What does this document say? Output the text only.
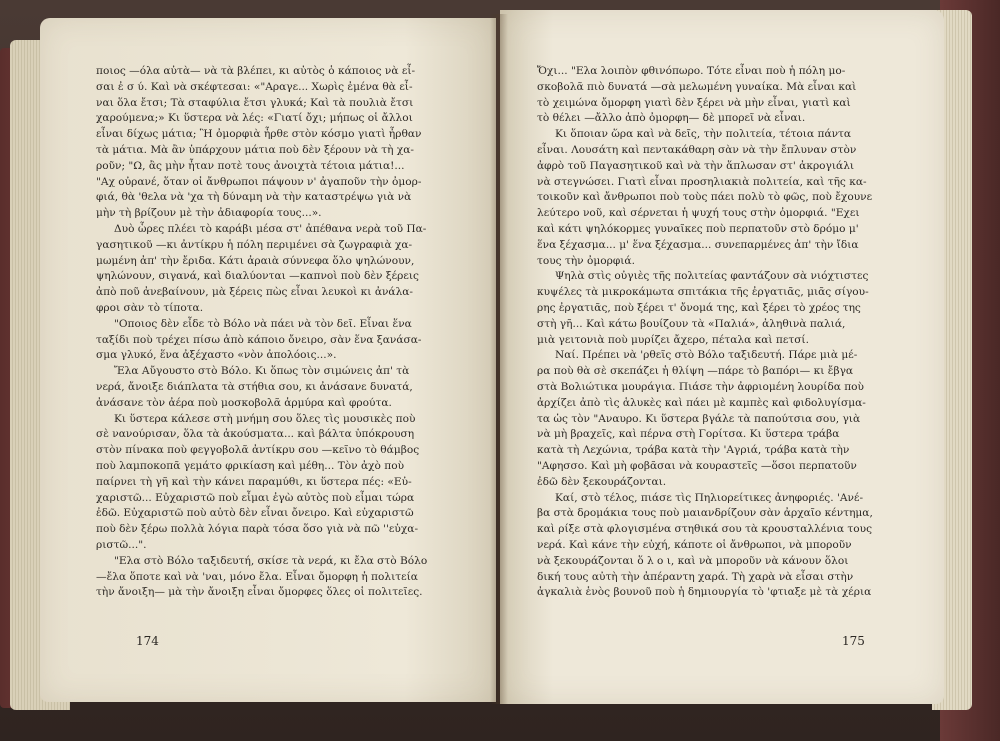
ποιος —όλα αὐτὰ— νὰ τὰ βλέπει, κι αὐτὸς ὁ κάποιος νὰ εἶ-

σαι ἐ σ ύ. Καὶ νὰ σκέφτεσαι: «"Αραγε... Χωρὶς ἐμένα θὰ εἶ-

ναι ὅλα ἔτσι; Τὰ σταφύλια ἔτσι γλυκά; Καὶ τὰ πουλιὰ ἔτσι

χαρούμενα;» Κι ὕστερα νὰ λές: «Γιατί ὄχι; μήπως οἱ ἄλλοι

εἶναι δίχως μάτια; Ἢ ὀμορφιὰ ἦρθε στὸν κόσμο γιατὶ ἦρθαν

τὰ μάτια. Μὰ ἂν ὑπάρχουν μάτια ποὺ δὲν ξέρουν νὰ τὴ χα-

ροῦν; "Ω, ἂς μὴν ἦταν ποτὲ τους ἀνοιχτὰ τέτοια μάτια!...

"Αχ οὐρανέ, ὅταν οἱ ἄνθρωποι πάψουν ν' ἀγαποῦν τὴν ὀμορ-

φιά, θὰ 'θελα νὰ 'χα τὴ δύναμη νὰ τὴν καταστρέψω γιὰ νὰ

μὴν τὴ βρίζουν μὲ τὴν ἀδιαφορία τους...».

Δυὸ ὧρες πλέει τὸ καράβι μέσα στ' ἀπέθανα νερὰ τοῦ Πα-

γασητικοῦ —κι ἀντίκρυ ἡ πόλη περιμένει σὰ ζωγραφιὰ χα-

μωμένη ἀπ' τὴν ἔριδα. Κάτι ἀραιὰ σύννεφα ὅλο ψηλώνουν,

ψηλώνουν, σιγανά, καὶ διαλύονται —καπνοὶ ποὺ δὲν ξέρεις

ἀπὸ ποῦ ἀνεβαίνουν, μὰ ξέρεις πὼς εἶναι λευκοὶ κι ἀνάλα-

φροι σὰν τὸ τίποτα.

"Οποιος δὲν εἶδε τὸ Βόλο νὰ πάει νὰ τὸν δεῖ. Εἶναι ἕνα

ταξίδι ποὺ τρέχει πίσω ἀπὸ κάποιο ὄνειρο, σὰν ἕνα ξανάσα-

σμα γλυκό, ἕνα ἀξέχαστο «νὸν ἀπολόοις...».

Ἔλα Αὔγουστο στὸ Βόλο. Κι ὅπως τὸν σιμώνεις ἀπ' τὰ

νερά, ἄνοιξε διάπλατα τὰ στήθια σου, κι ἀνάσανε δυνατά,

ἀνάσανε τὸν ἀέρα ποὺ μοσκοβολᾶ ἁρμύρα καὶ φρούτα.

Κι ὕστερα κάλεσε στὴ μνήμη σου ὅλες τὶς μουσικὲς ποὺ

σὲ νανούρισαν, ὅλα τὰ ἀκούσματα... καὶ βάλτα ὑπόκρουση

στὸν πίνακα ποὺ φεγγοβολᾶ ἀντίκρυ σου —κεῖνο τὸ θάμβος

ποὺ λαμποκοπᾶ γεμάτο φρικίαση καὶ μέθη... Τὸν ἀχὸ ποὺ

παίρνει τὴ γῆ καὶ τὴν κάνει παραμύθι, κι ὕστερα πές: «Εὐ-

χαριστῶ... Εὐχαριστῶ ποὺ εἶμαι ἐγὼ αὐτὸς ποὺ εἶμαι τώρα

ἐδῶ. Εὐχαριστῶ ποὺ αὐτὸ δὲν εἶναι ὄνειρο. Καὶ εὐχαριστῶ

ποὺ δὲν ξέρω πολλὰ λόγια παρὰ τόσα ὅσο γιὰ νὰ πῶ ''εὐχα-

ριστῶ...".

"Ελα στὸ Βόλο ταξιδευτή, σκίσε τὰ νερά, κι ἔλα στὸ Βόλο

—ἔλα ὅποτε καὶ νὰ 'ναι, μόνο ἔλα. Εἶναι ὄμορφη ἡ πολιτεία

τὴν ἄνοιξη— μὰ τὴν ἄνοιξη εἶναι ὄμορφες ὅλες οἱ πολιτεῖες.

Ὄχι... "Ελα λοιπὸν φθινόπωρο. Τότε εἶναι ποὺ ἡ πόλη μο-

σκοβολᾶ πιὸ δυνατά —σὰ μελωμένη γυναίκα. Μὰ εἶναι καὶ

τὸ χειμώνα ὄμορφη γιατὶ δὲν ξέρει νὰ μὴν εἶναι, γιατὶ καὶ

τὸ θέλει —ἄλλο ἀπὸ ὀμορφη— δὲ μπορεῖ νὰ εἶναι.

Κι ὅποιαν ὥρα καὶ νὰ δεῖς, τὴν πολιτεία, τέτοια πάντα

εἶναι. Λουσάτη καὶ πεντακάθαρη σὰν νὰ τὴν ἔπλυναν στὸν

ἀφρὸ τοῦ Παγασητικοῦ καὶ νὰ τὴν ἅπλωσαν στ' ἀκρογιάλι

νὰ στεγνώσει. Γιατὶ εἶναι προσηλιακιὰ πολιτεία, καὶ τῆς κα-

τοικοῦν καὶ ἄνθρωποι ποὺ τοὺς πάει πολὺ τὸ φῶς, ποὺ ἔχουνε

λεύτερο νοῦ, καὶ σέρνεται ἡ ψυχή τους στὴν ὀμορφιά. "Εχει

καὶ κάτι ψηλόκορμες γυναῖκες ποὺ περπατοῦν στὸ δρόμο μ'

ἕνα ξέχασμα... μ' ἕνα ξέχασμα... συνεπαρμένες ἀπ' τὴν ἴδια

τους τὴν ὀμορφιά.

Ψηλὰ στὶς οὐγιὲς τῆς πολιτείας φαντάζουν σὰ νιόχτιστες

κυψέλες τὰ μικροκάμωτα σπιτάκια τῆς ἐργατιᾶς, μιᾶς σίγου-

ρης ἐργατιᾶς, ποὺ ξέρει τ' ὄνομά της, καὶ ξέρει τὸ χρέος της

στὴ γῆ... Καὶ κάτω βουίζουν τὰ «Παλιά», ἀληθινὰ παλιά,

μιὰ γειτονιὰ ποὺ μυρίζει ἄχερο, πέταλα καὶ πετσί.

Ναί. Πρέπει νὰ 'ρθεῖς στὸ Βόλο ταξιδευτή. Πάρε μιὰ μέ-

ρα ποὺ θὰ σὲ σκεπάζει ἡ θλίψη —πάρε τὸ βαπόρι— κι ἔβγα

στὰ Βολιώτικα μουράγια. Πιάσε τὴν ἀφριομένη λουρίδα ποὺ

ἀρχίζει ἀπὸ τὶς ἁλυκὲς καὶ πάει μὲ καμπὲς καὶ φιδολυγίσμα-

τα ὡς τὸν "Αναυρο. Κι ὕστερα βγάλε τὰ παπούτσια σου, γιὰ

νὰ μὴ βραχεῖς, καὶ πέρνα στὴ Γορίτσα. Κι ὕστερα τράβα

κατὰ τὴ Λεχώνια, τράβα κατὰ τὴν 'Αγριά, τράβα κατὰ τὴν

"Αφησσο. Καὶ μὴ φοβᾶσαι νὰ κουραστεῖς —ὅσοι περπατοῦν

ἐδῶ δὲν ξεκουράζονται.

Καί, στὸ τέλος, πιάσε τὶς Πηλιορείτικες ἀνηφοριές. 'Ανέ-

βα στὰ δρομάκια τους ποὺ μαιανδρίζουν σὰν ἀρχαῖο κέντημα,

καὶ ρίξε στὰ φλογισμένα στηθικά σου τὰ κρουσταλλένια τους

νερά. Καὶ κάνε τὴν εὐχή, κάποτε οἱ ἄνθρωποι, νὰ μποροῦν

νὰ ξεκουράζονται ὅ λ ο ι, καὶ νὰ μποροῦν νὰ κάνουν ὅλοι

δική τους αὐτὴ τὴν ἀπέραντη χαρά. Τὴ χαρὰ νὰ εἶσαι στὴν

ἀγκαλιὰ ἑνὸς βουνοῦ ποὺ ἡ δημιουργία τὸ 'φτιαξε μὲ τὰ χέρια

174	175
